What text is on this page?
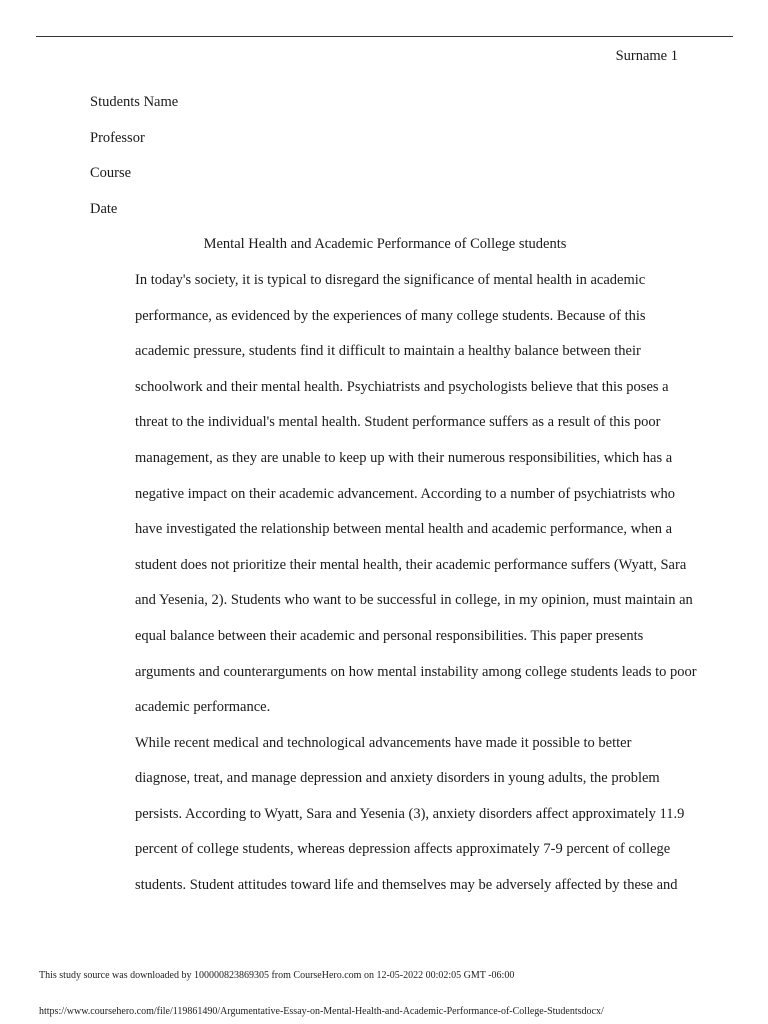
Surname 1

Students Name

Professor

Course

Date

Mental Health and Academic Performance of College students

In today's society, it is typical to disregard the significance of mental health in academic
performance, as evidenced by the experiences of many college students. Because of this
academic pressure, students find it difficult to maintain a healthy balance between their
schoolwork and their mental health. Psychiatrists and psychologists believe that this poses a
threat to the individual's mental health. Student performance suffers as a result of this poor
management, as they are unable to keep up with their numerous responsibilities, which has a
negative impact on their academic advancement. According to a number of psychiatrists who
have investigated the relationship between mental health and academic performance, when a
student does not prioritize their mental health, their academic performance suffers (Wyatt, Sara
and Yesenia, 2). Students who want to be successful in college, in my opinion, must maintain an
equal balance between their academic and personal responsibilities. This paper presents
arguments and counterarguments on how mental instability among college students leads to poor
academic performance.

While recent medical and technological advancements have made it possible to better
diagnose, treat, and manage depression and anxiety disorders in young adults, the problem
persists. According to Wyatt, Sara and Yesenia (3), anxiety disorders affect approximately 11.9
percent of college students, whereas depression affects approximately 7-9 percent of college
students. Student attitudes toward life and themselves may be adversely affected by these and

This study source was downloaded by 100000823869305 from CourseHero.com on 12-05-2022 00:02:05 GMT -06:00
https://www.coursehero.com/file/119861490/Argumentative-Essay-on-Mental-Health-and-Academic-Performance-of-College-Studentsdocx/
